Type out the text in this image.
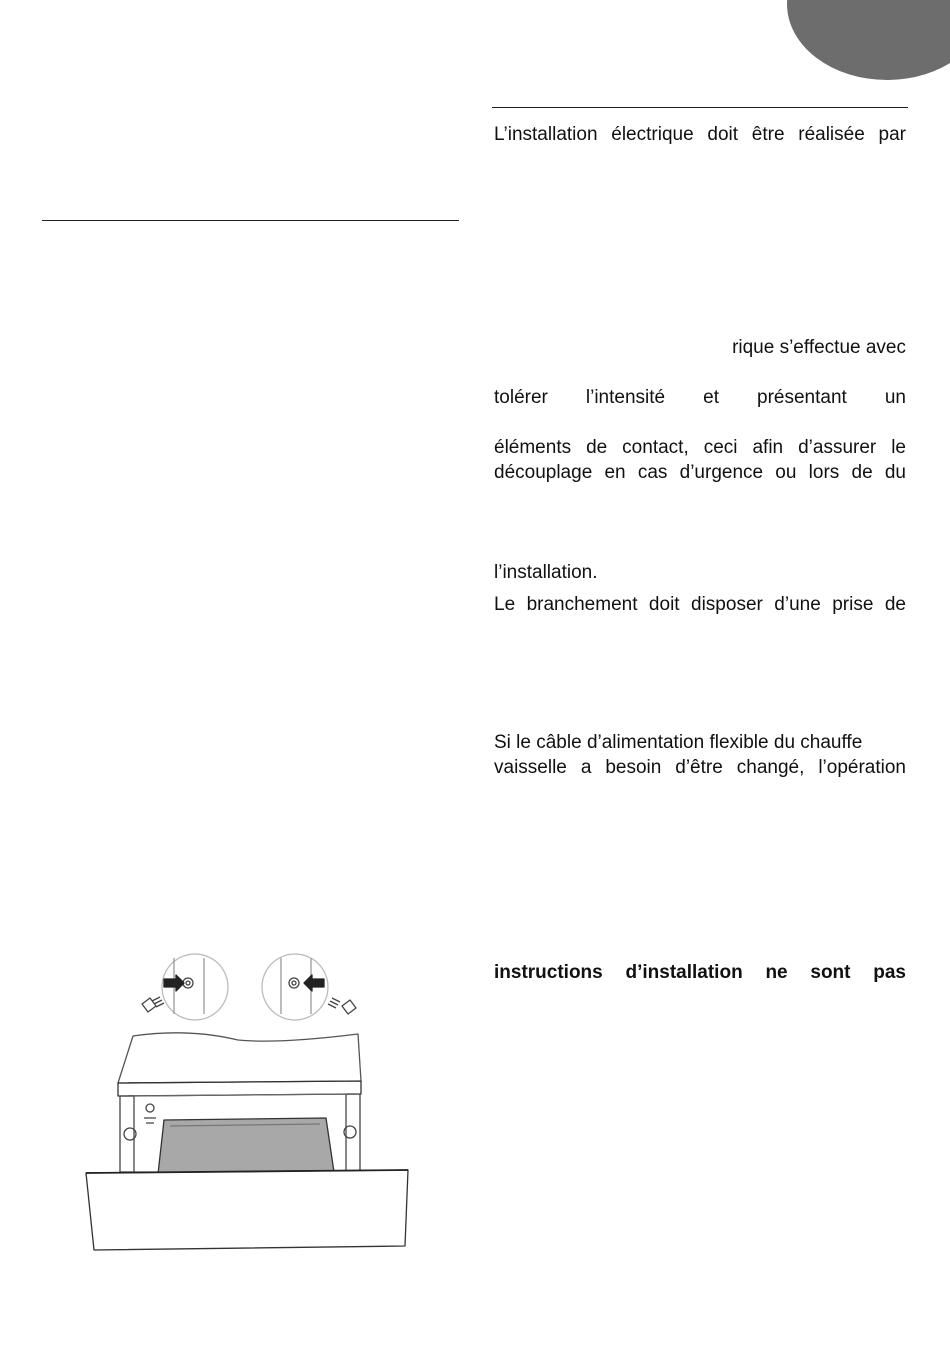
L’installation électrique doit être réalisée par
rique s’effectue avec
tolérer l’intensité et présentant un
éléments de contact, ceci afin d’assurer le
découplage en cas d’urgence ou lors de du
l’installation.
Le branchement doit disposer d’une prise de
Si le câble d’alimentation flexible du chauffe
vaisselle a besoin d’être changé, l’opération
instructions d’installation ne sont pas
